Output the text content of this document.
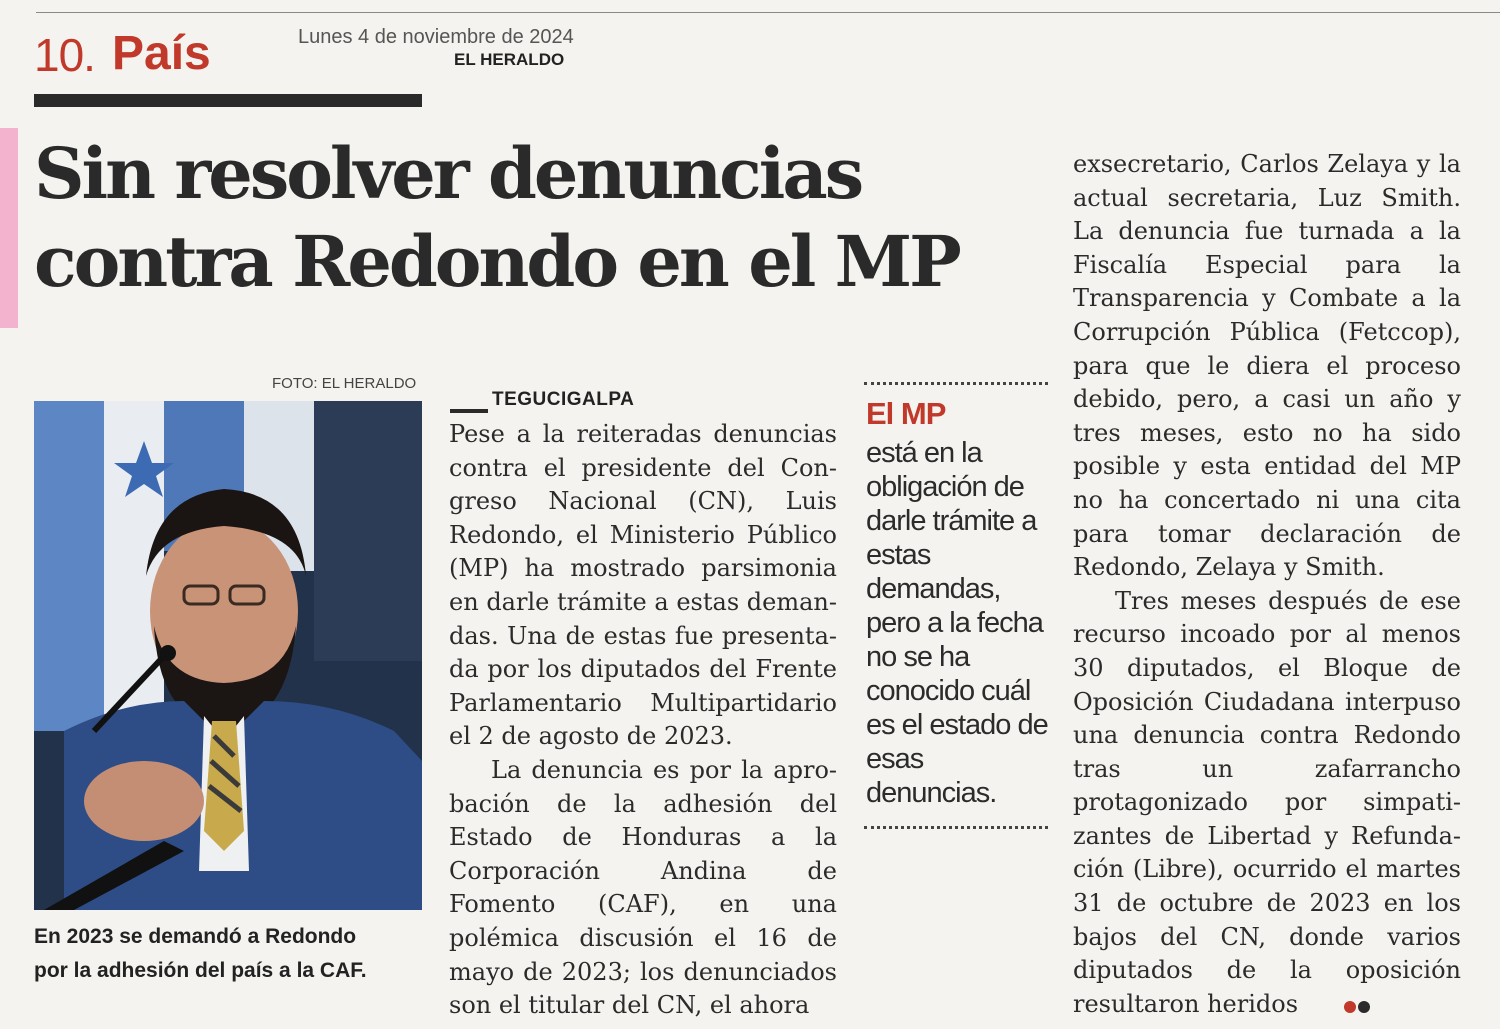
10. País	Lunes 4 de noviembre de 2024
EL HERALDO
Sin resolver denuncias
contra Redondo en el MP
FOTO: EL HERALDO
En 2023 se demandó a Redondo
por la adhesión del país a la CAF.
TEGUCIGALPA

Pese a la reiteradas denuncias contra el presidente del Congreso Nacional (CN), Luis Redondo, el Ministerio Público (MP) ha mostrado parsimonia en darle trámite a estas demandas. Una de estas fue presentada por los diputados del Frente Parlamentario Multipartidario el 2 de agosto de 2023.

La denuncia es por la aprobación de la adhesión del Estado de Honduras a la Corporación Andina de Fomento (CAF), en una polémica discusión el 16 de mayo de 2023; los denunciados son el titular del CN, el ahora

El MP
está en la obligación de darle trámite a estas demandas, pero a la fecha no se ha conocido cuál es el estado de esas denuncias.

exsecretario, Carlos Zelaya y la actual secretaria, Luz Smith. La denuncia fue turnada a la Fiscalía Especial para la Transparencia y Combate a la Corrupción Pública (Fetccop), para que le diera el proceso debido, pero, a casi un año y tres meses, esto no ha sido posible y esta entidad del MP no ha concertado ni una cita para tomar declaración de Redondo, Zelaya y Smith.

Tres meses después de ese recurso incoado por al menos 30 diputados, el Bloque de Oposición Ciudadana interpuso una denuncia contra Redondo tras un zafarrancho protagonizado por simpatizantes de Libertad y Refundación (Libre), ocurrido el martes 31 de octubre de 2023 en los bajos del CN, donde varios diputados de la oposición resultaron heridos
